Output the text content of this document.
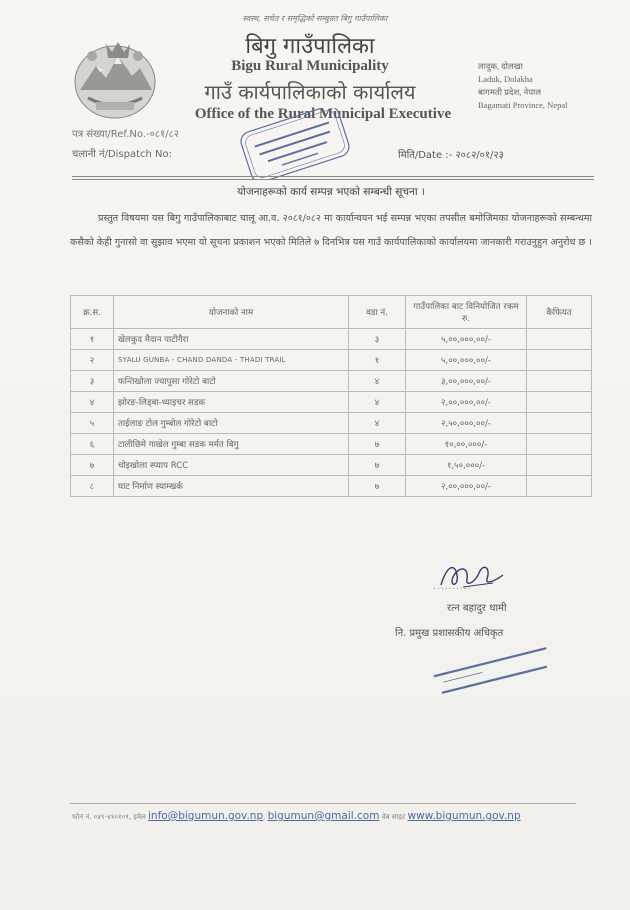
स्वस्थ, सचेत र समृद्धिको सम्बुन्नत बिगु गाउँपालिका
बिगु गाउँपालिका
Bigu Rural Municipality
गाउँ कार्यपालिकाको कार्यालय
Office of the Rural Municipal Executive
लादुक, दोलखा
Laduk, Dolakha
बागमती प्रदेश, नेपाल
Bagamati Province, Nepal
पत्र संख्या/Ref.No.-०८१/८२
चलानी नं/Dispatch No:	मिति/Date :- २०८२/०१/२३
योजनाहरूको कार्य सम्पन्न भएको सम्बन्धी सूचना ।
प्रस्तुत विषयमा यस बिगु गाउँपालिकाबाट चालू आ.व. २०८१/०८२ मा कार्यान्वयन भई सम्पन्न भएका तपसील बमोजिमका योजनाहरूको सम्बन्धमा कसैको केही गुनासो वा सुझाव भएमा यो सूचना प्रकाशन भएको मितिले ७ दिनभित्र यस गाउँ कार्यपालिकाको कार्यालयमा जानकारी गराउनुहुन अनुरोध छ ।
क्र.स.	योजनाको नाम	वडा नं.	गाउँपालिका बाट विनियोजित रकम रु.	कैफियत
१	खेलकुद मैदान पाटीगैरा	३	५,००,०००,००/-	
२	SYALU GUNBA - CHAND DANDA - THADI TRAIL	१	५,००,०००,००/-	
३	फन्तिखोला ज्यापुसा गोरेटो बाटो	४	३,००,०००,००/-	
४	झोरङ-लिड्बा-ध्याइचर सडक	४	२,००,०००,००/-	
५	ताईलाङ टोल गुम्बोल गोरेटो बाटो	४	२,५०,०००,००/-	
६	टालीछिमे गाखेल गुम्बा सडक मर्मत बिगु	७	१०,००,०००/-	
७	चोइखोला स्प्याप RCC	७	१,५०,०००/-	
८	घाट निर्माण स्याम्खर्क	७	२,००,०००,००/-	
..........
रत्न बहादुर थामी
नि. प्रमुख प्रशासकीय अधिकृत
फोन नं. ०४९-४१०१०९, इमेल info@bigumun.gov.np, bigumun@gmail.com वेब साइट www.bigumun.gov.np
